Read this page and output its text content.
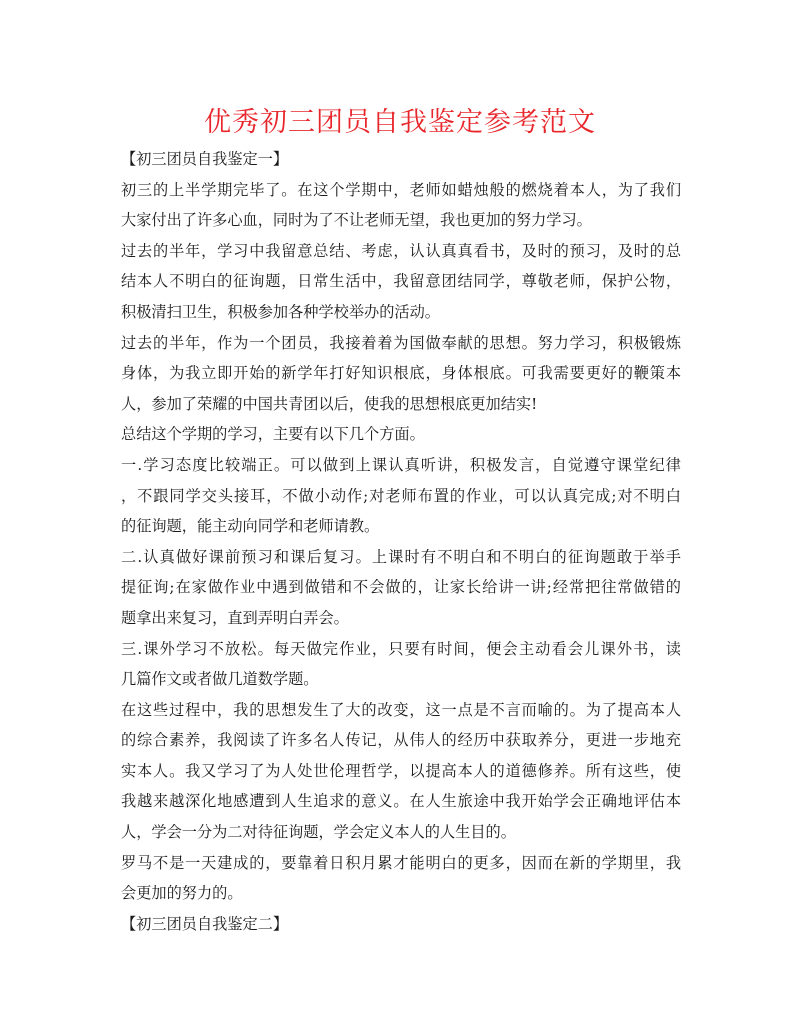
优秀初三团员自我鉴定参考范文
【初三团员自我鉴定一】
初三的上半学期完毕了。在这个学期中，老师如蜡烛般的燃烧着本人，为了我们
大家付出了许多心血，同时为了不让老师无望，我也更加的努力学习。
过去的半年，学习中我留意总结、考虑，认认真真看书，及时的预习，及时的总
结本人不明白的征询题，日常生活中，我留意团结同学，尊敬老师，保护公物，
积极清扫卫生，积极参加各种学校举办的活动。
过去的半年，作为一个团员，我接着着为国做奉献的思想。努力学习，积极锻炼
身体，为我立即开始的新学年打好知识根底，身体根底。可我需要更好的鞭策本
人，参加了荣耀的中国共青团以后，使我的思想根底更加结实!
总结这个学期的学习，主要有以下几个方面。
一.学习态度比较端正。可以做到上课认真听讲，积极发言，自觉遵守课堂纪律
，不跟同学交头接耳，不做小动作;对老师布置的作业，可以认真完成;对不明白
的征询题，能主动向同学和老师请教。
二.认真做好课前预习和课后复习。上课时有不明白和不明白的征询题敢于举手
提征询;在家做作业中遇到做错和不会做的，让家长给讲一讲;经常把往常做错的
题拿出来复习，直到弄明白弄会。
三.课外学习不放松。每天做完作业，只要有时间，便会主动看会儿课外书，读
几篇作文或者做几道数学题。
在这些过程中，我的思想发生了大的改变，这一点是不言而喻的。为了提高本人
的综合素养，我阅读了许多名人传记，从伟人的经历中获取养分，更进一步地充
实本人。我又学习了为人处世伦理哲学，以提高本人的道德修养。所有这些，使
我越来越深化地感遭到人生追求的意义。在人生旅途中我开始学会正确地评估本
人，学会一分为二对待征询题，学会定义本人的人生目的。
罗马不是一天建成的，要靠着日积月累才能明白的更多，因而在新的学期里，我
会更加的努力的。
【初三团员自我鉴定二】
